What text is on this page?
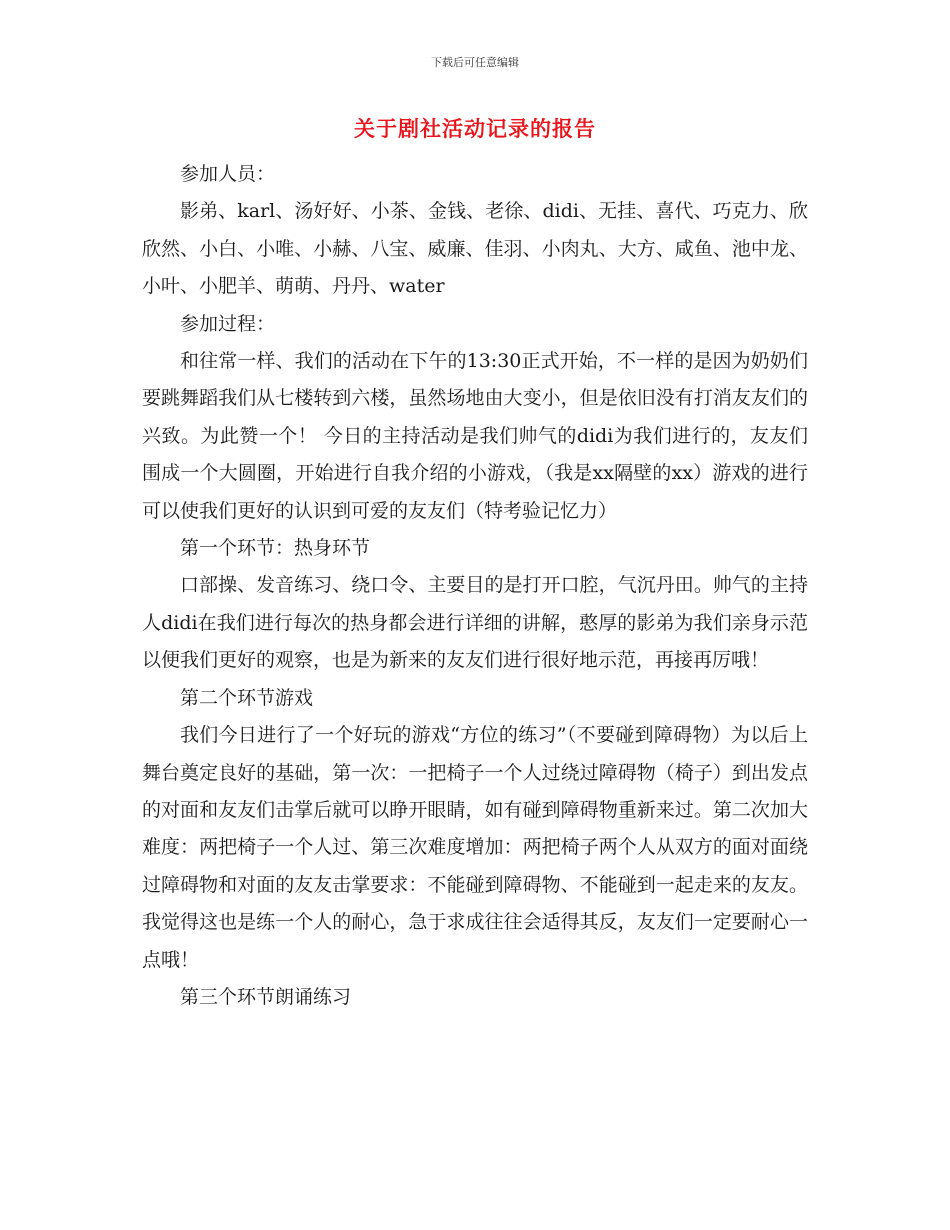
下载后可任意编辑
关于剧社活动记录的报告

参加人员：

影弟、karl、汤好好、小茶、金钱、老徐、didi、无挂、喜代、巧克力、欣欣然、小白、小唯、小赫、八宝、威廉、佳羽、小肉丸、大方、咸鱼、池中龙、小叶、小肥羊、萌萌、丹丹、water

参加过程：

和往常一样、我们的活动在下午的13:30正式开始，不一样的是因为奶奶们要跳舞蹈我们从七楼转到六楼，虽然场地由大变小，但是依旧没有打消友友们的兴致。为此赞一个！ 今日的主持活动是我们帅气的didi为我们进行的，友友们围成一个大圆圈，开始进行自我介绍的小游戏，（我是xx隔壁的xx）游戏的进行可以使我们更好的认识到可爱的友友们（特考验记忆力）

第一个环节：热身环节

口部操、发音练习、绕口令、主要目的是打开口腔，气沉丹田。帅气的主持人didi在我们进行每次的热身都会进行详细的讲解，憨厚的影弟为我们亲身示范以便我们更好的观察，也是为新来的友友们进行很好地示范，再接再厉哦！

第二个环节游戏

我们今日进行了一个好玩的游戏“方位的练习”（不要碰到障碍物）为以后上舞台奠定良好的基础，第一次：一把椅子一个人过绕过障碍物（椅子）到出发点的对面和友友们击掌后就可以睁开眼睛，如有碰到障碍物重新来过。第二次加大难度：两把椅子一个人过、第三次难度增加：两把椅子两个人从双方的面对面绕过障碍物和对面的友友击掌要求：不能碰到障碍物、不能碰到一起走来的友友。我觉得这也是练一个人的耐心，急于求成往往会适得其反，友友们一定要耐心一点哦！

第三个环节朗诵练习
